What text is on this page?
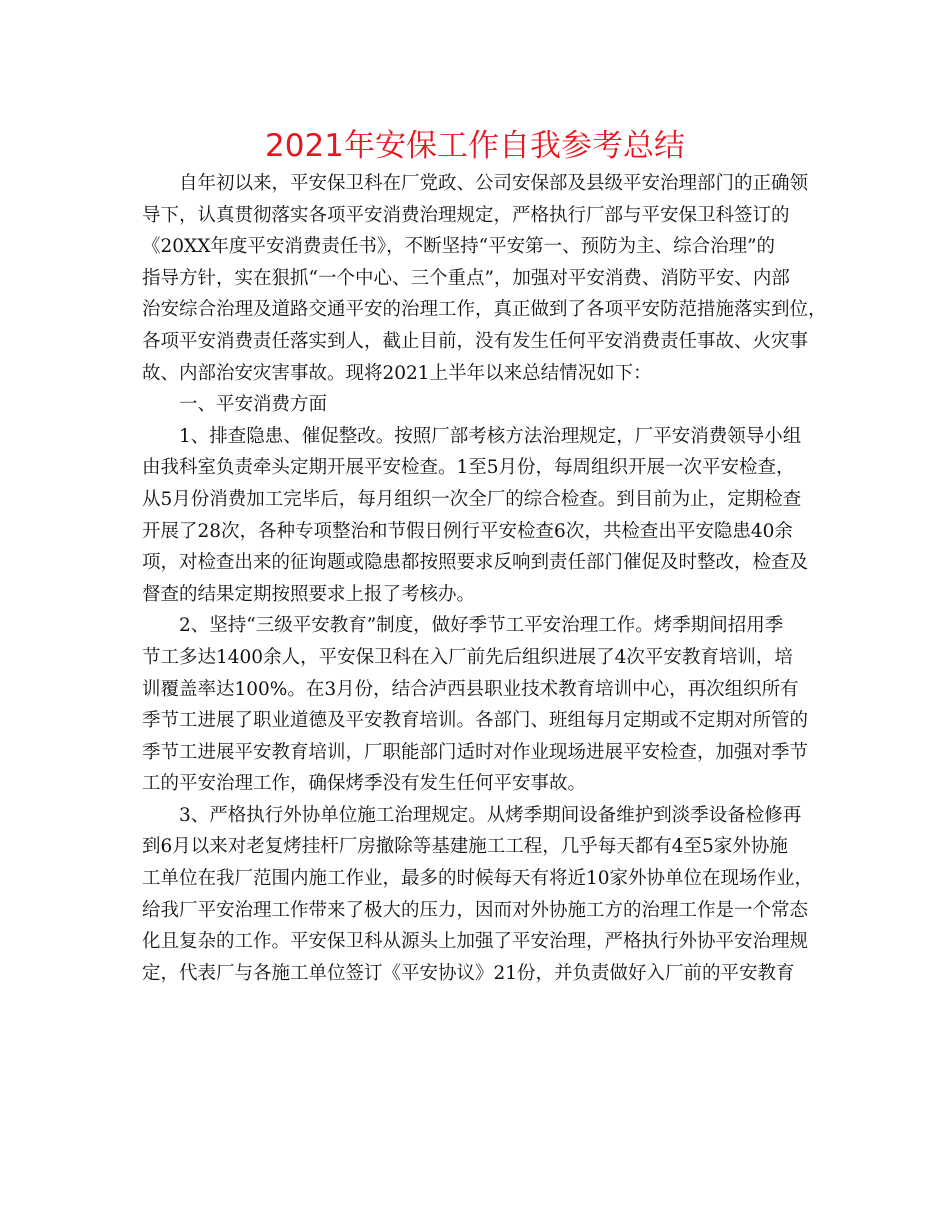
2021年安保工作自我参考总结

自年初以来，平安保卫科在厂党政、公司安保部及县级平安治理部门的正确领
导下，认真贯彻落实各项平安消费治理规定，严格执行厂部与平安保卫科签订的
《20XX年度平安消费责任书》，不断坚持“平安第一、预防为主、综合治理”的
指导方针，实在狠抓“一个中心、三个重点”，加强对平安消费、消防平安、内部
治安综合治理及道路交通平安的治理工作，真正做到了各项平安防范措施落实到位，
各项平安消费责任落实到人，截止目前，没有发生任何平安消费责任事故、火灾事
故、内部治安灾害事故。现将2021上半年以来总结情况如下：

一、平安消费方面

1、排查隐患、催促整改。按照厂部考核方法治理规定，厂平安消费领导小组
由我科室负责牵头定期开展平安检查。1至5月份，每周组织开展一次平安检查，
从5月份消费加工完毕后，每月组织一次全厂的综合检查。到目前为止，定期检查
开展了28次，各种专项整治和节假日例行平安检查6次，共检查出平安隐患40余
项，对检查出来的征询题或隐患都按照要求反响到责任部门催促及时整改，检查及
督查的结果定期按照要求上报了考核办。

2、坚持“三级平安教育”制度，做好季节工平安治理工作。烤季期间招用季
节工多达1400余人，平安保卫科在入厂前先后组织进展了4次平安教育培训，培
训覆盖率达100%。在3月份，结合泸西县职业技术教育培训中心，再次组织所有
季节工进展了职业道德及平安教育培训。各部门、班组每月定期或不定期对所管的
季节工进展平安教育培训，厂职能部门适时对作业现场进展平安检查，加强对季节
工的平安治理工作，确保烤季没有发生任何平安事故。

3、严格执行外协单位施工治理规定。从烤季期间设备维护到淡季设备检修再
到6月以来对老复烤挂杆厂房撤除等基建施工工程，几乎每天都有4至5家外协施
工单位在我厂范围内施工作业，最多的时候每天有将近10家外协单位在现场作业，
给我厂平安治理工作带来了极大的压力，因而对外协施工方的治理工作是一个常态
化且复杂的工作。平安保卫科从源头上加强了平安治理，严格执行外协平安治理规
定，代表厂与各施工单位签订《平安协议》21份，并负责做好入厂前的平安教育
